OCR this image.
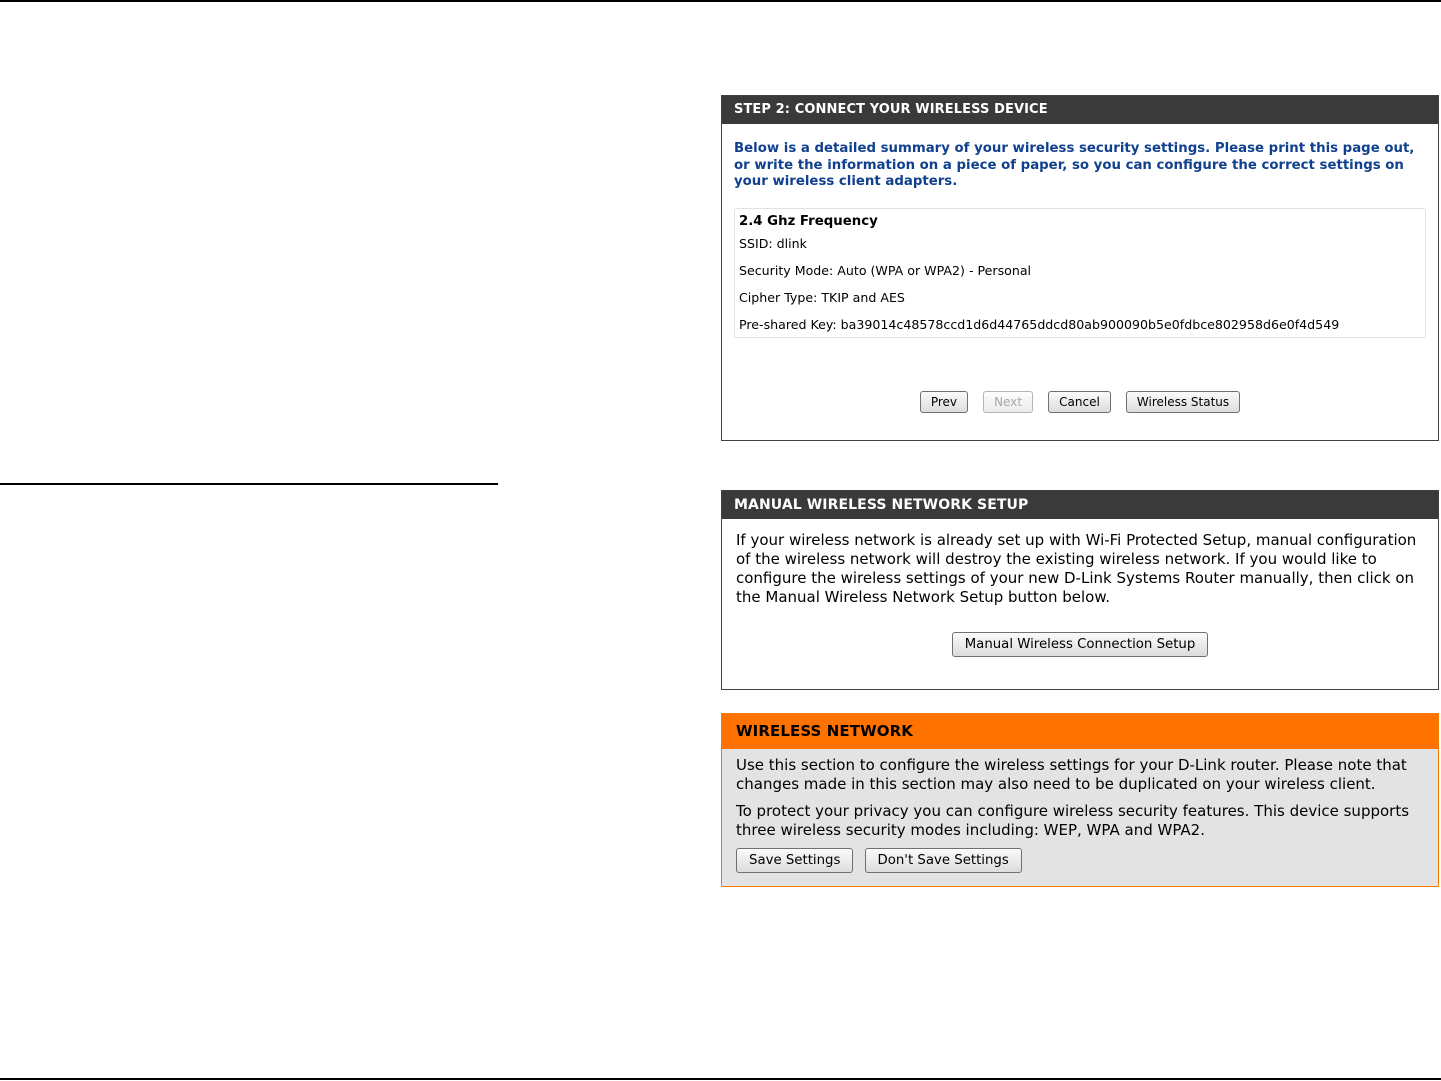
STEP 2: CONNECT YOUR WIRELESS DEVICE
Below is a detailed summary of your wireless security settings. Please print this page out, or write the information on a piece of paper, so you can configure the correct settings on your wireless client adapters.
2.4 Ghz Frequency
SSID: dlink
Security Mode: Auto (WPA or WPA2) - Personal
Cipher Type: TKIP and AES
Pre-shared Key: ba39014c48578ccd1d6d44765ddcd80ab900090b5e0fdbce802958d6e0f4d549
Prev	Next	Cancel	Wireless Status
MANUAL WIRELESS NETWORK SETUP
If your wireless network is already set up with Wi-Fi Protected Setup, manual configuration of the wireless network will destroy the existing wireless network. If you would like to configure the wireless settings of your new D-Link Systems Router manually, then click on the Manual Wireless Network Setup button below.
Manual Wireless Connection Setup
WIRELESS NETWORK
Use this section to configure the wireless settings for your D-Link router. Please note that changes made in this section may also need to be duplicated on your wireless client.
To protect your privacy you can configure wireless security features. This device supports three wireless security modes including: WEP, WPA and WPA2.
Save Settings	Don't Save Settings
